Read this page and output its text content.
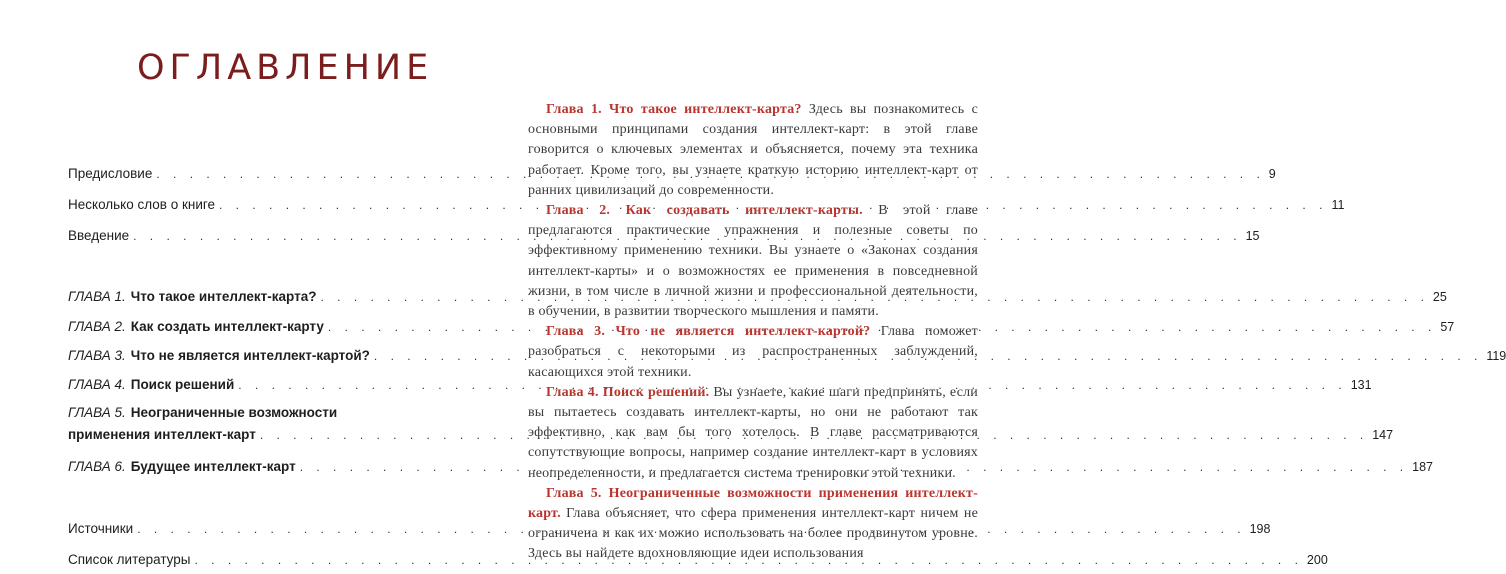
ОГЛАВЛЕНИЕ
Предисловие . . .	9
Несколько слов о книге . . .	11
Введение . . .	15
ГЛАВА 1. Что такое интеллект-карта? . . .	25
ГЛАВА 2. Как создать интеллект-карту . . .	57
ГЛАВА 3. Что не является интеллект-картой? . . .	119
ГЛАВА 4. Поиск решений . . .	131
ГЛАВА 5. Неограниченные возможности
применения интеллект-карт . . .	147
ГЛАВА 6. Будущее интеллект-карт . . .	187
Источники . . .	198
Список литературы . . .	200

Глава 1. Что такое интеллект-карта? Здесь вы познакомитесь с основными принципами создания интеллект-карт: в этой главе говорится о ключевых элементах и объясняется, почему эта техника работает. Кроме того, вы узнаете краткую историю интеллект-карт от ранних цивилизаций до современности.

Глава 2. Как создавать интеллект-карты. В этой главе предлагаются практические упражнения и полезные советы по эффективному применению техники. Вы узнаете о «Законах создания интеллект-карты» и о возможностях ее применения в повседневной жизни, в том числе в личной жизни и профессиональной деятельности, в обучении, в развитии творческого мышления и памяти.

Глава 3. Что не является интеллект-картой? Глава поможет разобраться с некоторыми из распространенных заблуждений, касающихся этой техники.

Глава 4. Поиск решений. Вы узнаете, какие шаги предпринять, если вы пытаетесь создавать интеллект-карты, но они не работают так эффективно, как вам бы того хотелось. В главе рассматриваются сопутствующие вопросы, например создание интеллект-карт в условиях неопределенности, и предлагается система тренировки этой техники.

Глава 5. Неограниченные возможности применения интеллект-карт. Глава объясняет, что сфера применения интеллект-карт ничем не ограничена и как их можно использовать на более продвинутом уровне. Здесь вы найдете вдохновляющие идеи использования
